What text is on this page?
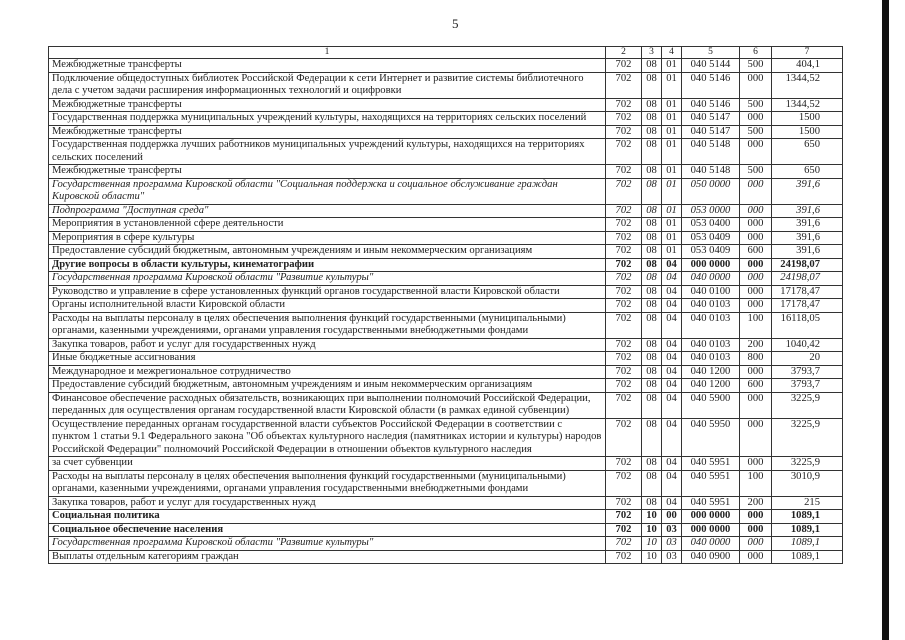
5
1	2	3	4	5	6	7
Межбюджетные трансферты	702	08	01	040 5144	500	404,1
Подключение общедоступных библиотек Российской Федерации к сети Интернет и развитие системы библиотечного дела с учетом задачи расширения информационных технологий и оцифровки	702	08	01	040 5146	000	1344,52
Межбюджетные трансферты	702	08	01	040 5146	500	1344,52
Государственная поддержка муниципальных учреждений культуры, находящихся на территориях сельских поселений	702	08	01	040 5147	000	1500
Межбюджетные трансферты	702	08	01	040 5147	500	1500
Государственная поддержка лучших работников муниципальных учреждений культуры, находящихся на территориях сельских поселений	702	08	01	040 5148	000	650
Межбюджетные трансферты	702	08	01	040 5148	500	650
Государственная программа Кировской области "Социальная поддержка и социальное обслуживание граждан Кировской области"	702	08	01	050 0000	000	391,6
Подпрограмма "Доступная среда"	702	08	01	053 0000	000	391,6
Мероприятия в установленной сфере деятельности	702	08	01	053 0400	000	391,6
Мероприятия в сфере культуры	702	08	01	053 0409	000	391,6
Предоставление субсидий бюджетным, автономным учреждениям и иным некоммерческим организациям	702	08	01	053 0409	600	391,6
Другие вопросы в области культуры, кинематографии	702	08	04	000 0000	000	24198,07
Государственная программа Кировской области "Развитие культуры"	702	08	04	040 0000	000	24198,07
Руководство и управление в сфере установленных функций органов государственной власти Кировской области	702	08	04	040 0100	000	17178,47
Органы исполнительной власти Кировской области	702	08	04	040 0103	000	17178,47
Расходы на выплаты персоналу в целях обеспечения выполнения функций государственными (муниципальными) органами, казенными учреждениями, органами управления государственными внебюджетными фондами	702	08	04	040 0103	100	16118,05
Закупка товаров, работ и услуг для государственных нужд	702	08	04	040 0103	200	1040,42
Иные бюджетные ассигнования	702	08	04	040 0103	800	20
Международное и межрегиональное сотрудничество	702	08	04	040 1200	000	3793,7
Предоставление субсидий бюджетным, автономным учреждениям и иным некоммерческим организациям	702	08	04	040 1200	600	3793,7
Финансовое обеспечение расходных обязательств, возникающих при выполнении полномочий Российской Федерации, переданных для осуществления органам государственной власти Кировской области (в рамках единой субвенции)	702	08	04	040 5900	000	3225,9
Осуществление переданных органам государственной власти субъектов Российской Федерации в соответствии с пунктом 1 статьи 9.1 Федерального закона "Об объектах культурного наследия (памятниках истории и культуры) народов Российской Федерации" полномочий Российской Федерации в отношении объектов культурного наследия	702	08	04	040 5950	000	3225,9
за счет субвенции	702	08	04	040 5951	000	3225,9
Расходы на выплаты персоналу в целях обеспечения выполнения функций государственными (муниципальными) органами, казенными учреждениями, органами управления государственными внебюджетными фондами	702	08	04	040 5951	100	3010,9
Закупка товаров, работ и услуг для государственных нужд	702	08	04	040 5951	200	215
Социальная политика	702	10	00	000 0000	000	1089,1
Социальное обеспечение населения	702	10	03	000 0000	000	1089,1
Государственная программа Кировской области "Развитие культуры"	702	10	03	040 0000	000	1089,1
Выплаты отдельным категориям граждан	702	10	03	040 0900	000	1089,1
